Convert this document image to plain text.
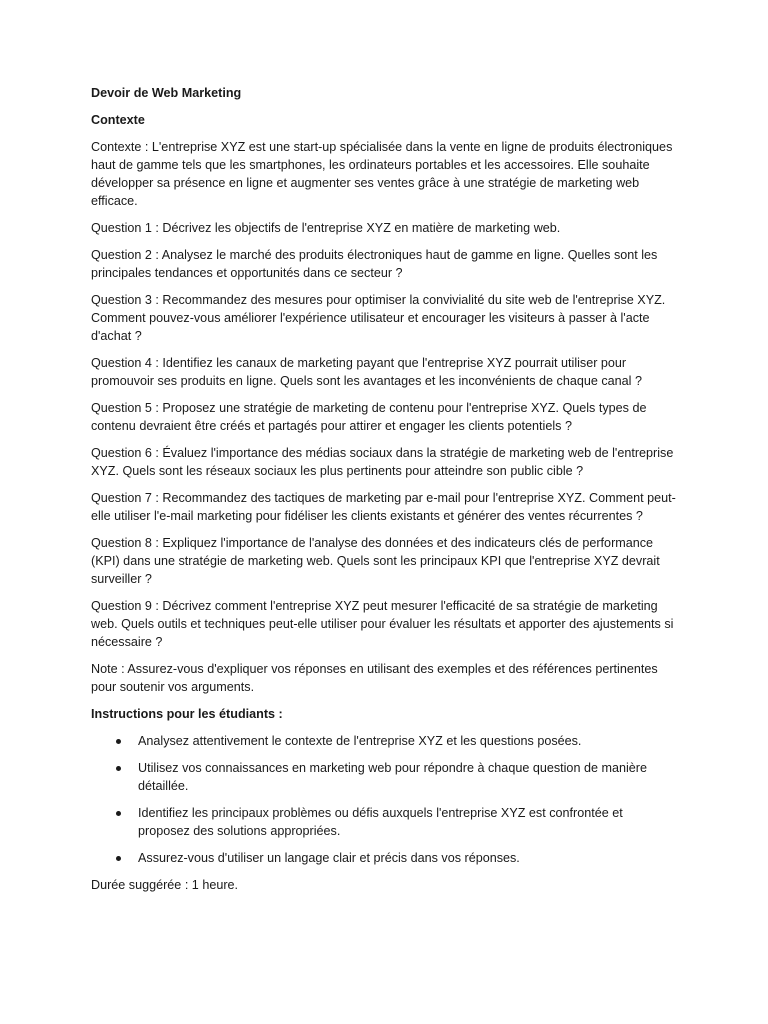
Devoir de Web Marketing

Contexte

Contexte : L'entreprise XYZ est une start-up spécialisée dans la vente en ligne de produits électroniques haut de gamme tels que les smartphones, les ordinateurs portables et les accessoires. Elle souhaite développer sa présence en ligne et augmenter ses ventes grâce à une stratégie de marketing web efficace.

Question 1 : Décrivez les objectifs de l'entreprise XYZ en matière de marketing web.

Question 2 : Analysez le marché des produits électroniques haut de gamme en ligne. Quelles sont les principales tendances et opportunités dans ce secteur ?

Question 3 : Recommandez des mesures pour optimiser la convivialité du site web de l'entreprise XYZ. Comment pouvez-vous améliorer l'expérience utilisateur et encourager les visiteurs à passer à l'acte d'achat ?

Question 4 : Identifiez les canaux de marketing payant que l'entreprise XYZ pourrait utiliser pour promouvoir ses produits en ligne. Quels sont les avantages et les inconvénients de chaque canal ?

Question 5 : Proposez une stratégie de marketing de contenu pour l'entreprise XYZ. Quels types de contenu devraient être créés et partagés pour attirer et engager les clients potentiels ?

Question 6 : Évaluez l'importance des médias sociaux dans la stratégie de marketing web de l'entreprise XYZ. Quels sont les réseaux sociaux les plus pertinents pour atteindre son public cible ?

Question 7 : Recommandez des tactiques de marketing par e-mail pour l'entreprise XYZ. Comment peut-elle utiliser l'e-mail marketing pour fidéliser les clients existants et générer des ventes récurrentes ?

Question 8 : Expliquez l'importance de l'analyse des données et des indicateurs clés de performance (KPI) dans une stratégie de marketing web. Quels sont les principaux KPI que l'entreprise XYZ devrait surveiller ?

Question 9 : Décrivez comment l'entreprise XYZ peut mesurer l'efficacité de sa stratégie de marketing web. Quels outils et techniques peut-elle utiliser pour évaluer les résultats et apporter des ajustements si nécessaire ?

Note : Assurez-vous d'expliquer vos réponses en utilisant des exemples et des références pertinentes pour soutenir vos arguments.

Instructions pour les étudiants :

Analysez attentivement le contexte de l'entreprise XYZ et les questions posées.
Utilisez vos connaissances en marketing web pour répondre à chaque question de manière détaillée.
Identifiez les principaux problèmes ou défis auxquels l'entreprise XYZ est confrontée et proposez des solutions appropriées.
Assurez-vous d'utiliser un langage clair et précis dans vos réponses.

Durée suggérée : 1 heure.
